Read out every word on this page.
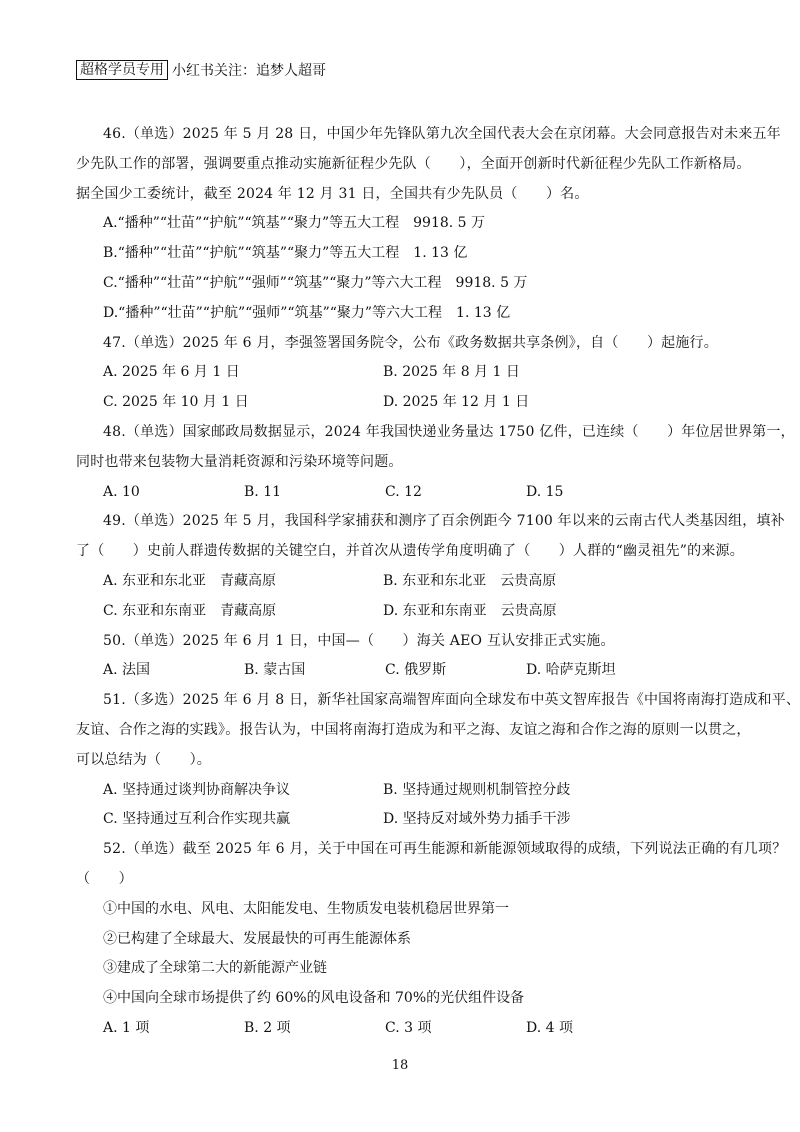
超格学员专用 小红书关注：追梦人超哥
46.（单选）2025 年 5 月 28 日，中国少年先锋队第九次全国代表大会在京闭幕。大会同意报告对未来五年
少先队工作的部署，强调要重点推动实施新征程少先队（　　），全面开创新时代新征程少先队工作新格局。
据全国少工委统计，截至 2024 年 12 月 31 日，全国共有少先队员（　　）名。
A.“播种”“壮苗”“护航”“筑基”“聚力”等五大工程　9918. 5 万
B.“播种”“壮苗”“护航”“筑基”“聚力”等五大工程　1. 13 亿
C.“播种”“壮苗”“护航”“强师”“筑基”“聚力”等六大工程　9918. 5 万
D.“播种”“壮苗”“护航”“强师”“筑基”“聚力”等六大工程　1. 13 亿
47.（单选）2025 年 6 月，李强签署国务院令，公布《政务数据共享条例》，自（　　）起施行。
A. 2025 年 6 月 1 日	B. 2025 年 8 月 1 日
C. 2025 年 10 月 1 日	D. 2025 年 12 月 1 日
48.（单选）国家邮政局数据显示，2024 年我国快递业务量达 1750 亿件，已连续（　　）年位居世界第一，
同时也带来包装物大量消耗资源和污染环境等问题。
A. 10	B. 11	C. 12	D. 15
49.（单选）2025 年 5 月，我国科学家捕获和测序了百余例距今 7100 年以来的云南古代人类基因组，填补
了（　　）史前人群遗传数据的关键空白，并首次从遗传学角度明确了（　　）人群的“幽灵祖先”的来源。
A. 东亚和东北亚　青藏高原	B. 东亚和东北亚　云贵高原
C. 东亚和东南亚　青藏高原	D. 东亚和东南亚　云贵高原
50.（单选）2025 年 6 月 1 日，中国—（　　）海关 AEO 互认安排正式实施。
A. 法国	B. 蒙古国	C. 俄罗斯	D. 哈萨克斯坦
51.（多选）2025 年 6 月 8 日，新华社国家高端智库面向全球发布中英文智库报告《中国将南海打造成和平、
友谊、合作之海的实践》。报告认为，中国将南海打造成为和平之海、友谊之海和合作之海的原则一以贯之，
可以总结为（　　）。
A. 坚持通过谈判协商解决争议	B. 坚持通过规则机制管控分歧
C. 坚持通过互利合作实现共赢	D. 坚持反对域外势力插手干涉
52.（单选）截至 2025 年 6 月，关于中国在可再生能源和新能源领域取得的成绩，下列说法正确的有几项？
（　　）
①中国的水电、风电、太阳能发电、生物质发电装机稳居世界第一
②已构建了全球最大、发展最快的可再生能源体系
③建成了全球第二大的新能源产业链
④中国向全球市场提供了约 60%的风电设备和 70%的光伏组件设备
A. 1 项	B. 2 项	C. 3 项	D. 4 项
18
